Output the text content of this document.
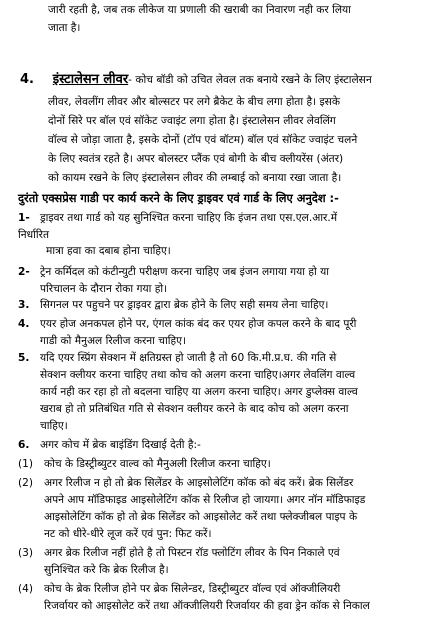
जारी रहती है, जब तक लीकेज या प्रणाली की खराबी का निवारण नही कर लिया
जाता है।
4. इंस्टालेसन लीवर- कोच बॉडी को उचित लेवल तक बनाये रखने के लिए इंस्टालेसन
लीवर, लेवलींग लीवर और बोल्सटर पर लगे ब्रैकेट के बीच लगा होता है। इसके
दोनों सिरे पर बॉल एवं सॉकेट ज्वाइंट लगा होता है। इंस्टालेसन लीवर लेवलिंग
वॉल्व से जोड़ा जाता है, इसके दोनों (टॉप एवं बॉटम) बॉल एवं सॉकेट ज्वाइंट चलने
के लिए स्वतंत्र रहते है। अपर बोलस्टर प्लैंक एवं बोगी के बीच क्लीयरेंस (अंतर)
को कायम रखने के लिए इंस्टालेसन लीवर की लम्बाई को बनाया रखा जाता है।
दुरंतो एक्सप्रेस गाडी पर कार्य करने के लिए ड्राइवर एवं गार्ड के लिए अनुदेश :-
1- ड्राइवर तथा गार्ड को यह सुनिश्चित करना चाहिए कि इंजन तथा एस.एल.आर.में
निर्धारित
मात्रा हवा का दबाब होना चाहिए।
2- ट्रेन कर्मिदल को कंटीन्युटी परीक्षण करना चाहिए जब इंजन लगाया गया हो या
परिचालन के दौरान रोका गया हो।
3. सिगनल पर पहुचने पर ड्राइवर द्वारा ब्रेक होने के लिए सही समय लेना चाहिए।
4. एयर होज अनकपल होने पर, एंगल कांक बंद कर एयर होज कपल करने के बाद पूरी
गाडी को मैनुअल रिलीज करना चाहिए।
5. यदि एयर स्प्रिंग सेक्शन में क्षतिग्रस्त हो जाती है तो 60 कि.मी.प्र.घ. की गति से
सेक्शन क्लीयर करना चाहिए तथा कोच को अलग करना चाहिए।अगर लेवलिंग वाल्व
कार्य नही कर रहा हो तो बदलना चाहिए या अलग करना चाहिए। अगर डुप्लेक्स वाल्व
खराब हो तो प्रतिबंधित गति से सेक्शन क्लीयर करने के बाद कोच को अलग करना
चाहिए।
6. अगर कोच में ब्रेक बाइंडिंग दिखाई देती है:-
(1) कोच के डिस्ट्रीब्युटर वाल्व को मैनुअली रिलीज करना चाहिए।
(2) अगर रिलीज न हो तो ब्रेक सिलेंडर के आइसोलेटिंग कॉक को बंद करें। ब्रेक सिलेंडर
अपने आप मॉडिफाइड आइसोलेटिंग कॉक से रिलीज हो जायगा। अगर नॉन मॉडिफाइड
आइसोलेटिंग कॉक हो तो ब्रेक सिलेंडर को आइसोलेट करें तथा फ्लेक्जीबल पाइप के
नट को धीरे-धीरे लूज करें एवं पुन: फिट करें।
(3) अगर ब्रेक रिलीज नहीं होते है तो पिस्टन रॉड फ्लोटिंग लीवर के पिन निकाले एवं
सुनिश्चित करे कि ब्रेक रिलीज है।
(4) कोच के ब्रेक रिलीज होने पर ब्रेक सिलेन्डर, डिस्ट्रीब्युटर वॉल्व एवं ऑक्जीलियरी
रिजर्वायर को आइसोलेट करें तथा ऑक्जीलियरी रिजर्वायर की हवा ड्रेन कॉक से निकाल
